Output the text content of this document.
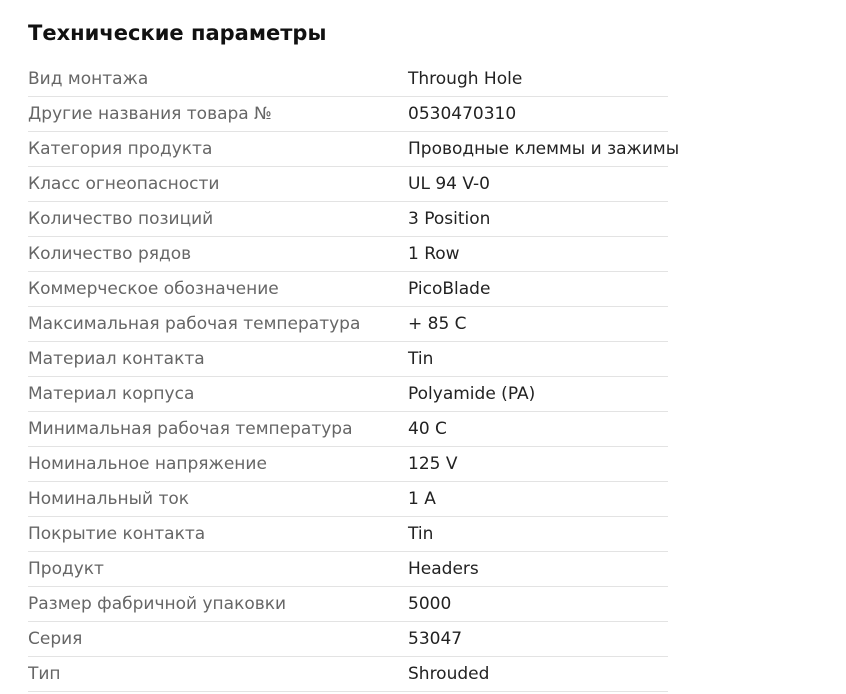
Технические параметры
Вид монтажа	Through Hole
Другие названия товара №	0530470310
Категория продукта	Проводные клеммы и зажимы
Класс огнеопасности	UL 94 V-0
Количество позиций	3 Position
Количество рядов	1 Row
Коммерческое обозначение	PicoBlade
Максимальная рабочая температура	+ 85 C
Материал контакта	Tin
Материал корпуса	Polyamide (PA)
Минимальная рабочая температура	40 C
Номинальное напряжение	125 V
Номинальный ток	1 A
Покрытие контакта	Tin
Продукт	Headers
Размер фабричной упаковки	5000
Серия	53047
Тип	Shrouded
